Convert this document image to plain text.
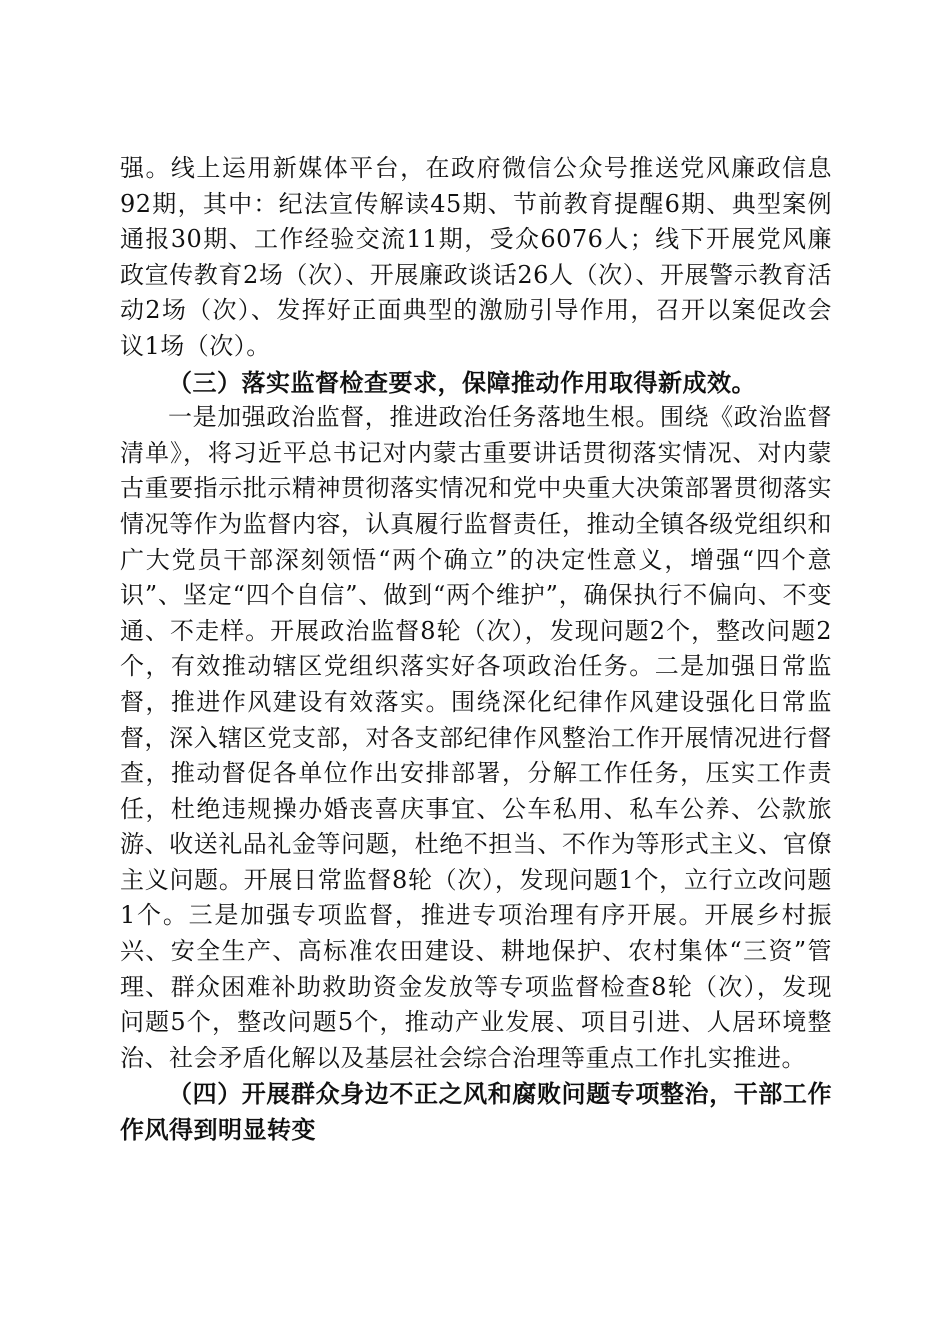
强。线上运用新媒体平台，在政府微信公众号推送党风廉政信息92期，其中：纪法宣传解读45期、节前教育提醒6期、典型案例通报30期、工作经验交流11期，受众6076人；线下开展党风廉政宣传教育2场（次）、开展廉政谈话26人（次）、开展警示教育活动2场（次）、发挥好正面典型的激励引导作用，召开以案促改会议1场（次）。

（三）落实监督检查要求，保障推动作用取得新成效。

一是加强政治监督，推进政治任务落地生根。围绕《政治监督清单》，将习近平总书记对内蒙古重要讲话贯彻落实情况、对内蒙古重要指示批示精神贯彻落实情况和党中央重大决策部署贯彻落实情况等作为监督内容，认真履行监督责任，推动全镇各级党组织和广大党员干部深刻领悟“两个确立”的决定性意义，增强“四个意识”、坚定“四个自信”、做到“两个维护”，确保执行不偏向、不变通、不走样。开展政治监督8轮（次），发现问题2个，整改问题2个，有效推动辖区党组织落实好各项政治任务。二是加强日常监督，推进作风建设有效落实。围绕深化纪律作风建设强化日常监督，深入辖区党支部，对各支部纪律作风整治工作开展情况进行督查，推动督促各单位作出安排部署，分解工作任务，压实工作责任，杜绝违规操办婚丧喜庆事宜、公车私用、私车公养、公款旅游、收送礼品礼金等问题，杜绝不担当、不作为等形式主义、官僚主义问题。开展日常监督8轮（次），发现问题1个，立行立改问题1个。三是加强专项监督，推进专项治理有序开展。开展乡村振兴、安全生产、高标准农田建设、耕地保护、农村集体“三资”管理、群众困难补助救助资金发放等专项监督检查8轮（次），发现问题5个，整改问题5个，推动产业发展、项目引进、人居环境整治、社会矛盾化解以及基层社会综合治理等重点工作扎实推进。

（四）开展群众身边不正之风和腐败问题专项整治，干部工作作风得到明显转变
